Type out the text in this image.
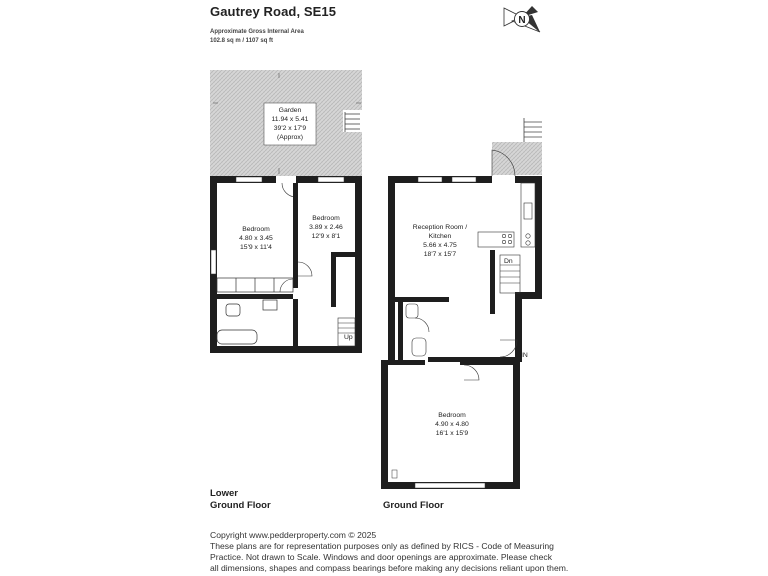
Gautrey Road, SE15
Approximate Gross Internal Area
102.8 sq m / 1107 sq ft
N
Garden
11.94 x 5.41
39'2 x 17'9
(Approx)
Up
Bedroom
4.80 x 3.45
15'9 x 11'4
Bedroom
3.89 x 2.46
12'9 x 8'1
Reception Room /
Kitchen
5.66 x 4.75
18'7 x 15'7
Dn
IN
Bedroom
4.90 x 4.80
16'1 x 15'9
Lower
Ground Floor	Ground Floor
Copyright www.pedderproperty.com © 2025
These plans are for representation purposes only as defined by RICS - Code of Measuring
Practice. Not drawn to Scale. Windows and door openings are approximate. Please check
all dimensions, shapes and compass bearings before making any decisions reliant upon them.
